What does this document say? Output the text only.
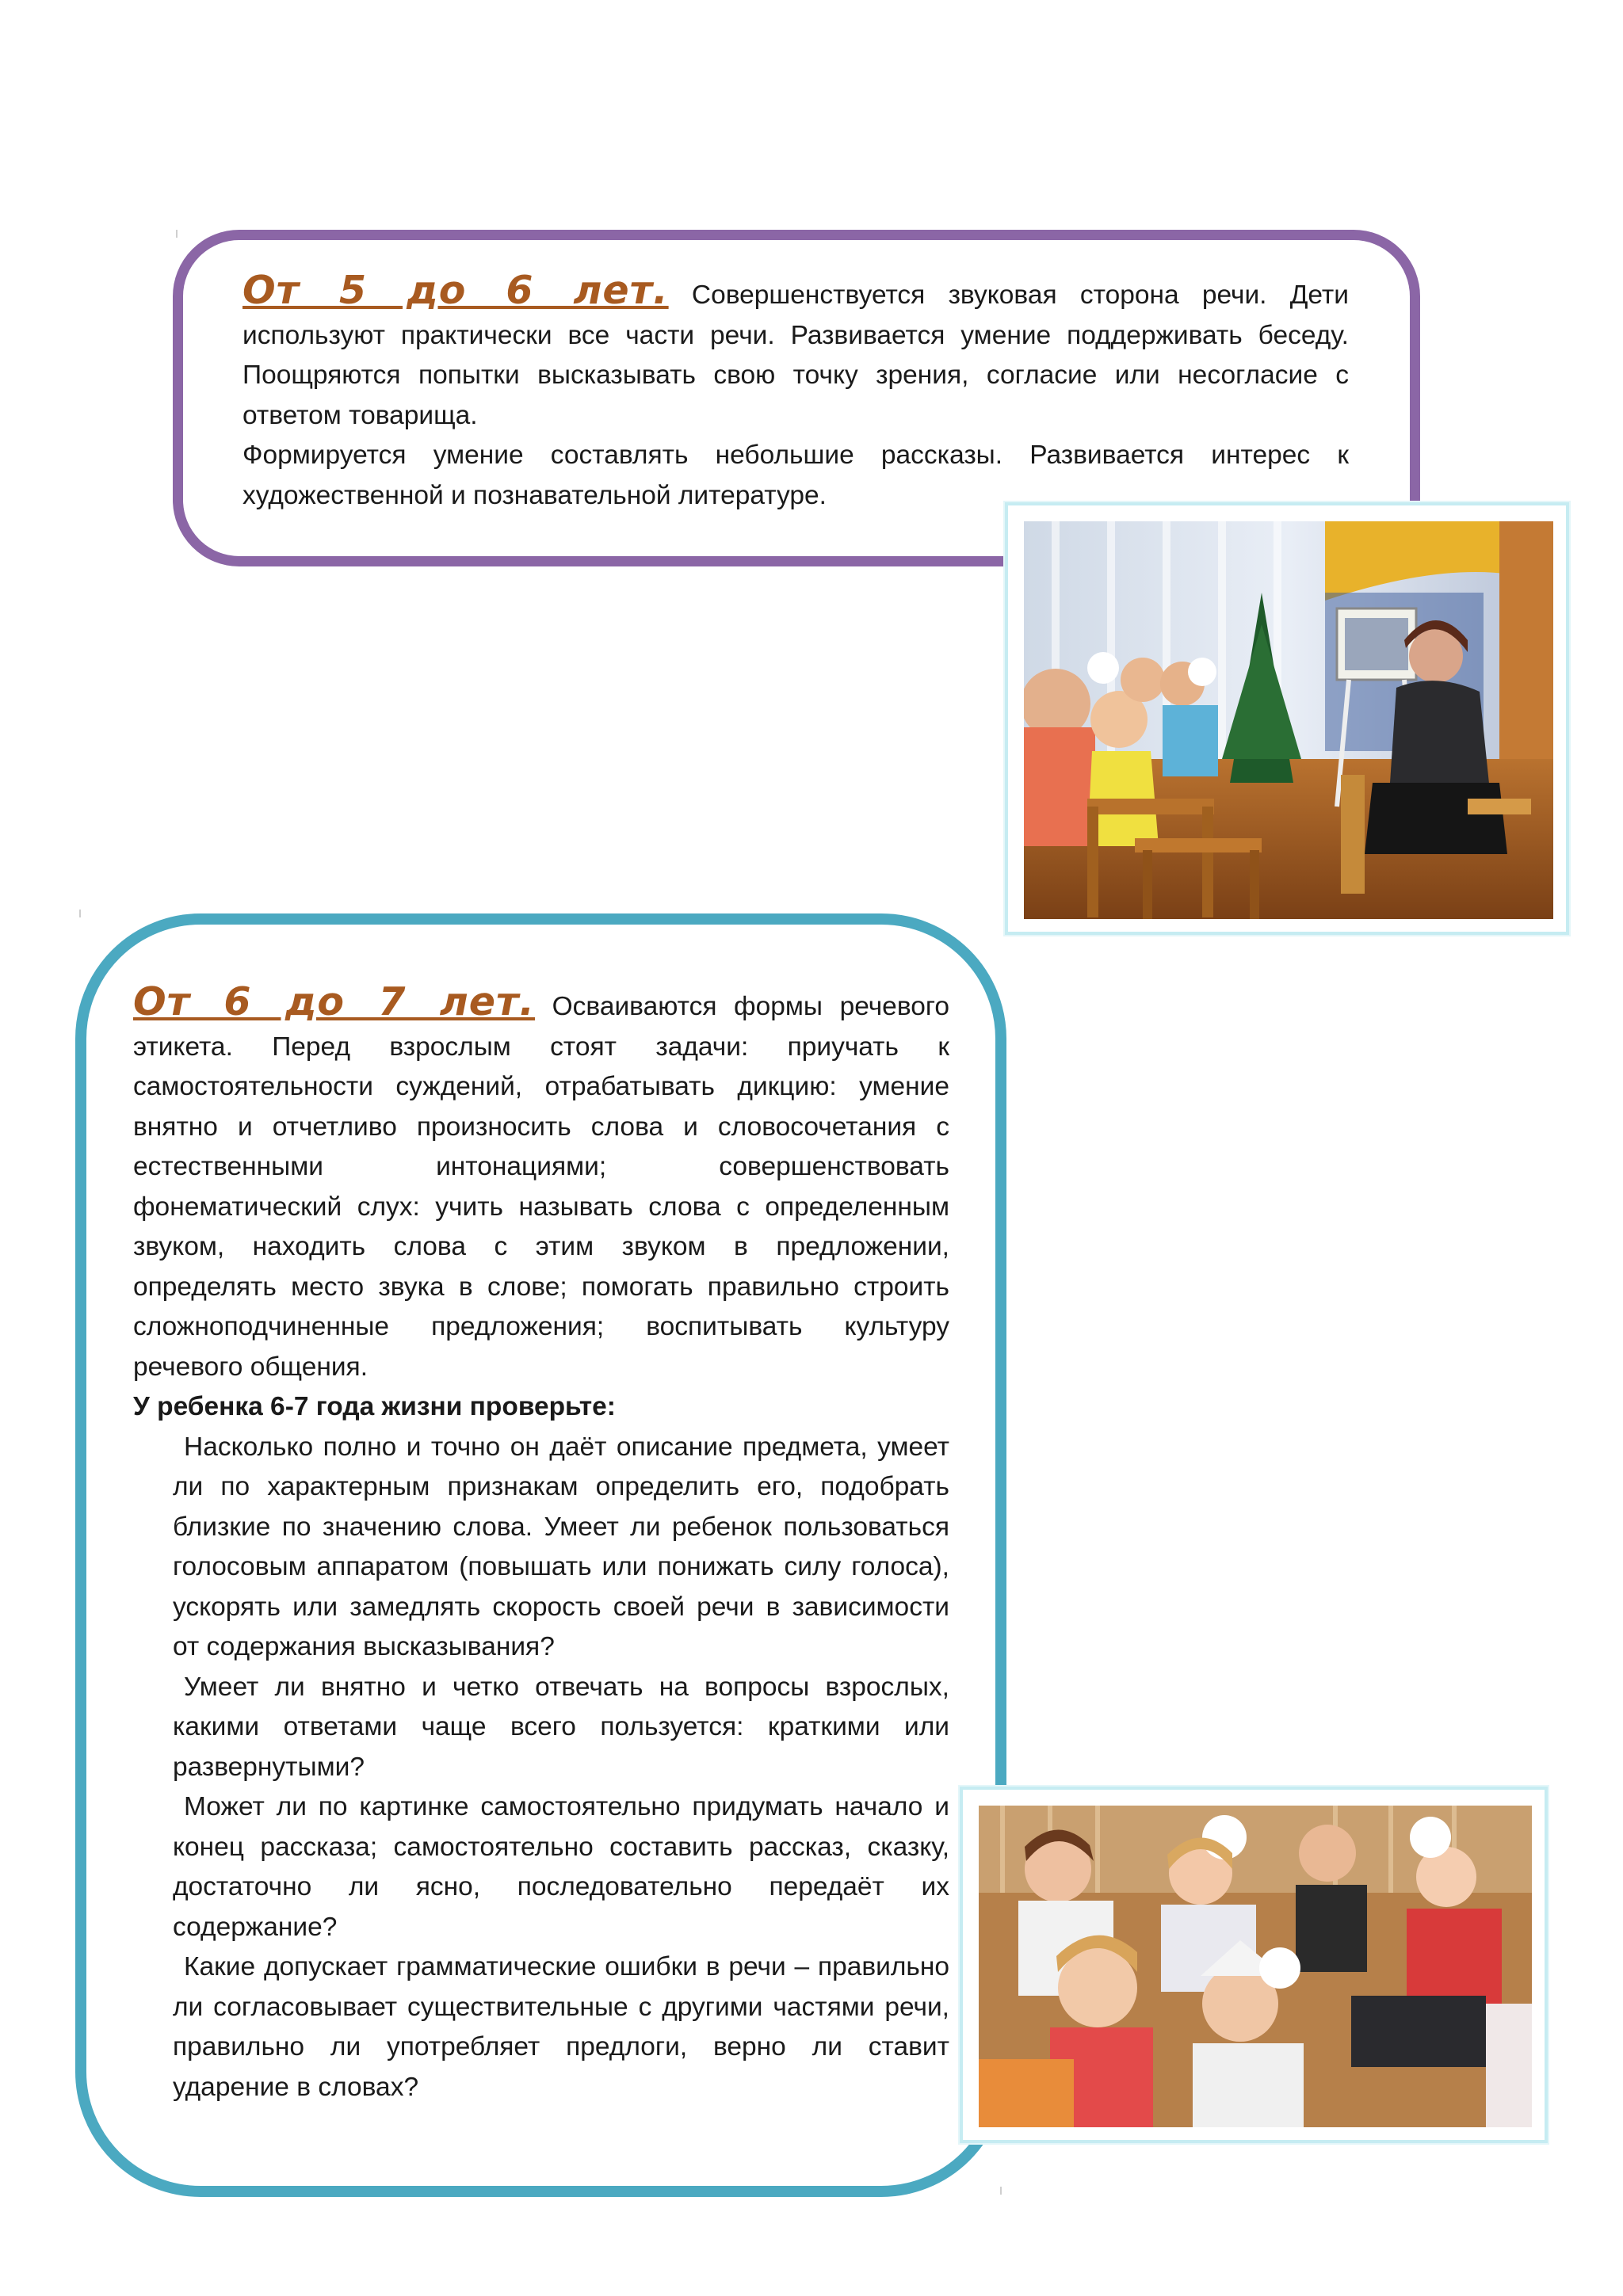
От 5 до 6 лет. Совершенствуется звуковая сторона речи. Дети используют практически все части речи. Развивается умение поддерживать беседу. Поощряются попытки высказывать свою точку зрения, согласие или несогласие с ответом товарища.

Формируется умение составлять небольшие рассказы. Развивается интерес к художественной и познавательной литературе.

От 6 до 7 лет. Осваиваются формы речевого этикета. Перед взрослым стоят задачи: приучать к самостоятельности суждений, отрабатывать дикцию: умение внятно и отчетливо произносить слова и словосочетания с естественными интонациями; совершенствовать фонематический слух: учить называть слова с определенным звуком, находить слова с этим звуком в предложении, определять место звука в слове; помогать правильно строить сложноподчиненные предложения; воспитывать культуру речевого общения.

У ребенка 6-7 года жизни проверьте:

Насколько полно и точно он даёт описание предмета, умеет ли по характерным признакам определить его, подобрать близкие по значению слова. Умеет ли ребенок пользоваться голосовым аппаратом (повышать или понижать силу голоса), ускорять или замедлять скорость своей речи в зависимости от содержания высказывания?

Умеет ли внятно и четко отвечать на вопросы взрослых, какими ответами чаще всего пользуется: краткими или развернутыми?

Может ли по картинке самостоятельно придумать начало и конец рассказа; самостоятельно составить рассказ, сказку, достаточно ли ясно, последовательно передаёт их содержание?

Какие допускает грамматические ошибки в речи – правильно ли согласовывает существительные с другими частями речи, правильно ли употребляет предлоги, верно ли ставит ударение в словах?
